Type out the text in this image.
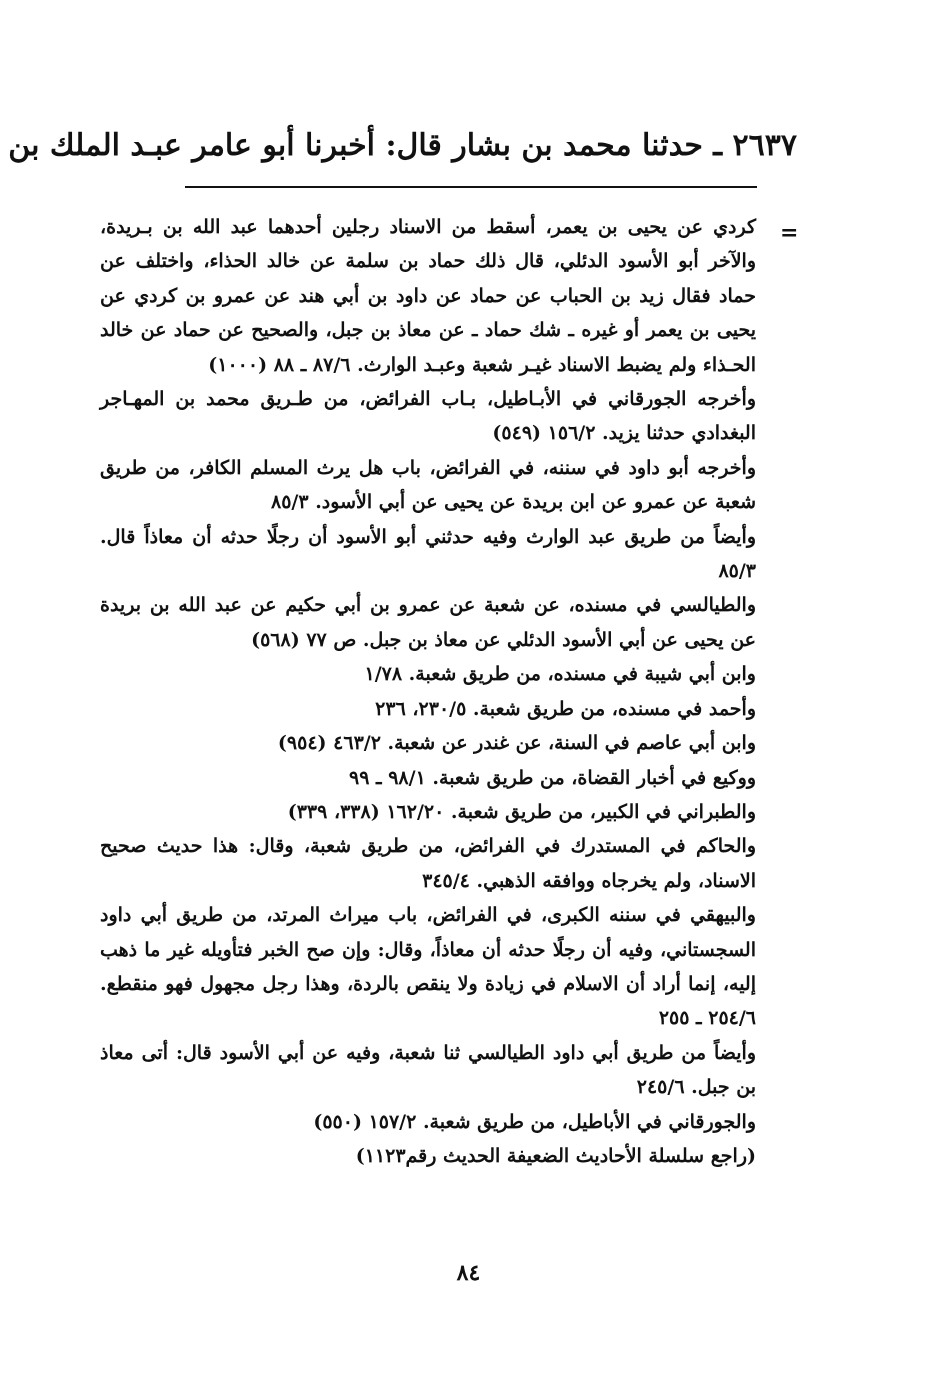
٢٦٣٧ ـ حدثنا محمد بن بشار قال: أخبرنا أبو عامر عبـد الملك بن
=
كردي عن يحيى بن يعمر، أسقط من الاسناد رجلين أحدهما عبد الله بن بـريدة، والآخر أبو الأسود الدئلي، قال ذلك حماد بن سلمة عن خالد الحذاء، واختلف عن حماد فقال زيد بن الحباب عن حماد عن داود بن أبي هند عن عمرو بن كردي عن يحيى بن يعمر أو غيره ـ شك حماد ـ عن معاذ بن جبل، والصحيح عن حماد عن خالد الحـذاء ولم يضبط الاسناد غيـر شعبة وعبـد الوارث. ٨٧/٦ ـ ٨٨ (١٠٠٠)
وأخرجه الجورقاني في الأبـاطيل، بـاب الفرائض، من طـريق محمد بن المهـاجر البغدادي حدثنا يزيد. ١٥٦/٢ (٥٤٩)
وأخرجه أبو داود في سننه، في الفرائض، باب هل يرث المسلم الكافر، من طريق شعبة عن عمرو عن ابن بريدة عن يحيى عن أبي الأسود. ٨٥/٣
وأيضاً من طريق عبد الوارث وفيه حدثني أبو الأسود أن رجلًا حدثه أن معاذاً قال. ٨٥/٣
والطيالسي في مسنده، عن شعبة عن عمرو بن أبي حكيم عن عبد الله بن بريدة عن يحيى عن أبي الأسود الدئلي عن معاذ بن جبل. ص ٧٧ (٥٦٨)
وابن أبي شيبة في مسنده، من طريق شعبة. ١/٧٨
وأحمد في مسنده، من طريق شعبة. ٢٣٠/٥، ٢٣٦
وابن أبي عاصم في السنة، عن غندر عن شعبة. ٤٦٣/٢ (٩٥٤)
ووكيع في أخبار القضاة، من طريق شعبة. ٩٨/١ ـ ٩٩
والطبراني في الكبير، من طريق شعبة. ١٦٢/٢٠ (٣٣٨، ٣٣٩)
والحاكم في المستدرك في الفرائض، من طريق شعبة، وقال: هذا حديث صحيح الاسناد، ولم يخرجاه ووافقه الذهبي. ٣٤٥/٤
والبيهقي في سننه الكبرى، في الفرائض، باب ميراث المرتد، من طريق أبي داود السجستاني، وفيه أن رجلًا حدثه أن معاذاً، وقال: وإن صح الخبر فتأويله غير ما ذهب إليه، إنما أراد أن الاسلام في زيادة ولا ينقص بالردة، وهذا رجل مجهول فهو منقطع. ٢٥٤/٦ ـ ٢٥٥
وأيضاً من طريق أبي داود الطيالسي ثنا شعبة، وفيه عن أبي الأسود قال: أتى معاذ بن جبل. ٢٤٥/٦
والجورقاني في الأباطيل، من طريق شعبة. ١٥٧/٢ (٥٥٠)
(راجع سلسلة الأحاديث الضعيفة الحديث رقم١١٢٣)
٨٤
